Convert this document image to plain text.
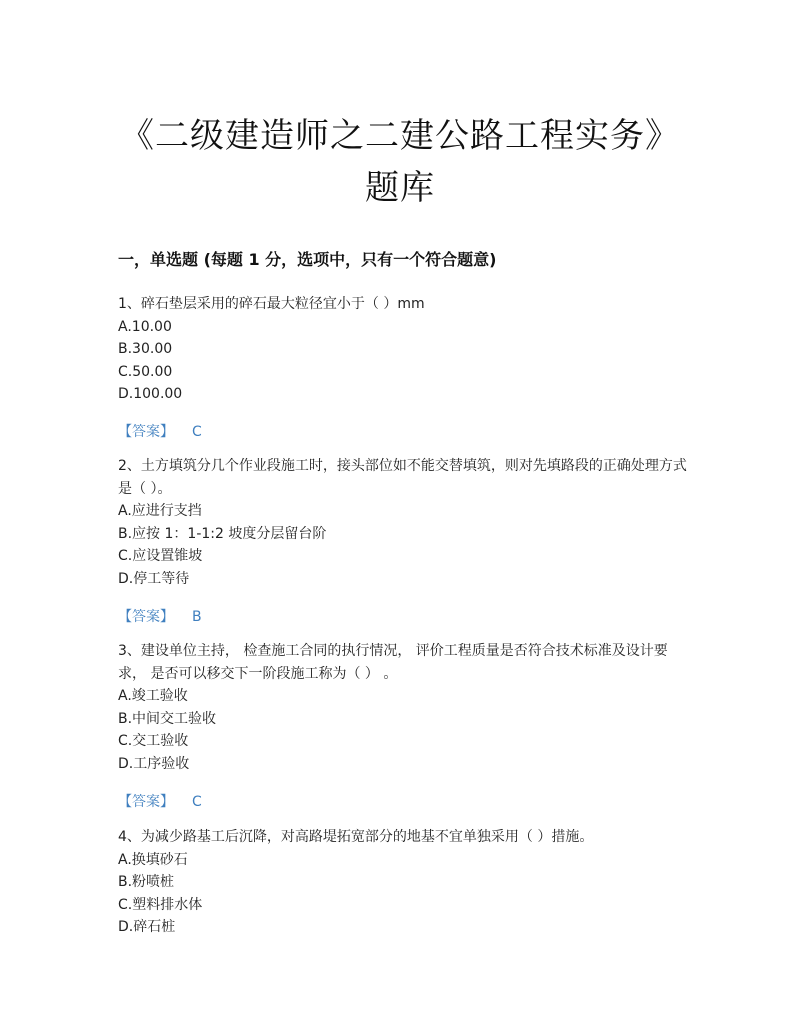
《二级建造师之二建公路工程实务》
题库
一，单选题 (每题 1 分，选项中，只有一个符合题意)

1、碎石垫层采用的碎石最大粒径宜小于（ ）mm

A.10.00

B.30.00

C.50.00

D.100.00

【答案】 C

2、土方填筑分几个作业段施工时，接头部位如不能交替填筑，则对先填路段的正确处理方式是（ ）。

A.应进行支挡

B.应按 1：1-1:2 坡度分层留台阶

C.应设置锥坡

D.停工等待

【答案】 B

3、建设单位主持， 检查施工合同的执行情况， 评价工程质量是否符合技术标准及设计要求， 是否可以移交下一阶段施工称为（ ） 。

A.竣工验收

B.中间交工验收

C.交工验收

D.工序验收

【答案】 C

4、为减少路基工后沉降，对高路堤拓宽部分的地基不宜单独采用（ ）措施。

A.换填砂石

B.粉喷桩

C.塑料排水体

D.碎石桩
